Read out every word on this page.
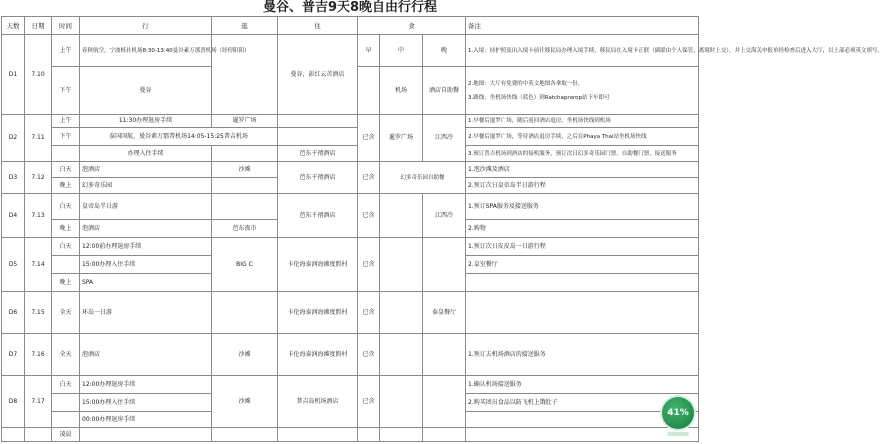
曼谷、普吉9天8晚自由行行程
天数	日期	时间	行	逛	住	食			备注
D1	7.10	上午	春秋航空，宁波栎社机场8:30-13:40曼谷素万那普机场（经停阳阳）		曼谷，彭红云首酒店	早	中	晚	1.入境：持护照及出入境卡前往移民局办理入境手续，移民局在入境卡正联（副联由个人保管，离境时上交），并上交海关申报单经检查后进入大厅，以上部必须英文填写。
		下午	曼谷				机场	酒店自助餐	2.地图：大厅有免费的中英文地图各拿取一份。
3.路线：坐机场快线（蓝色）到Ratchaprarop站下车即可

D2	7.11	上午	11:30办理退房手续	暹罗广场		已含	暹罗广场	江西冷	1.早餐后暹罗广场，随后返回酒店退房，坐机场快线到机场
		下午	泰国国航，曼谷素万那普机场14:05-15:25普吉机场						2.早餐后暹罗广场，等待酒店退房手续，之后在Phaya Thai站坐机场快线
			办理入住手续		芭东千禧酒店				3.预订普吉机场到酒店的接机服务，预订次日幻多奇乐园门票，自助餐门票，接送服务
D3	7.12	白天	泡酒店	沙滩	芭东千禧酒店	已含	幻多奇乐园自助餐		1.泡沙滩及酒店
		晚上	幻多奇乐园						2.预订次日皇帝岛半日游行程
D4	7.13	白天	皇帝岛半日游		芭东千禧酒店	已含		江西冷	1.预订SPA服务及接送服务
		晚上	泡酒店	芭东夜市					2.购物
D5	7.14	白天	12:00前办理退房手续	BIG C	卡伦海泰润海滩度假村	已含			1.预订次日皮皮岛一日游行程
			15:00办理入住手续						2.皇室餐厅
		晚上	SPA						
D6	7.15	全天	环岛一日游		卡伦海泰润海滩度假村	已含		泰皇餐厅	
D7	7.16	全天	泡酒店	沙滩	卡伦海泰润海滩度假村	已含			1.预订去机场酒店的接送服务
D8	7.17	白天	12:00办理退房手续	沙滩	普吉岛机场酒店	已含			1.确认机场接送服务
			15:00办理入住手续						2.购买团员食品以防飞机上饿肚子
			00:00办理退房手续						
		凌晨							
41%
